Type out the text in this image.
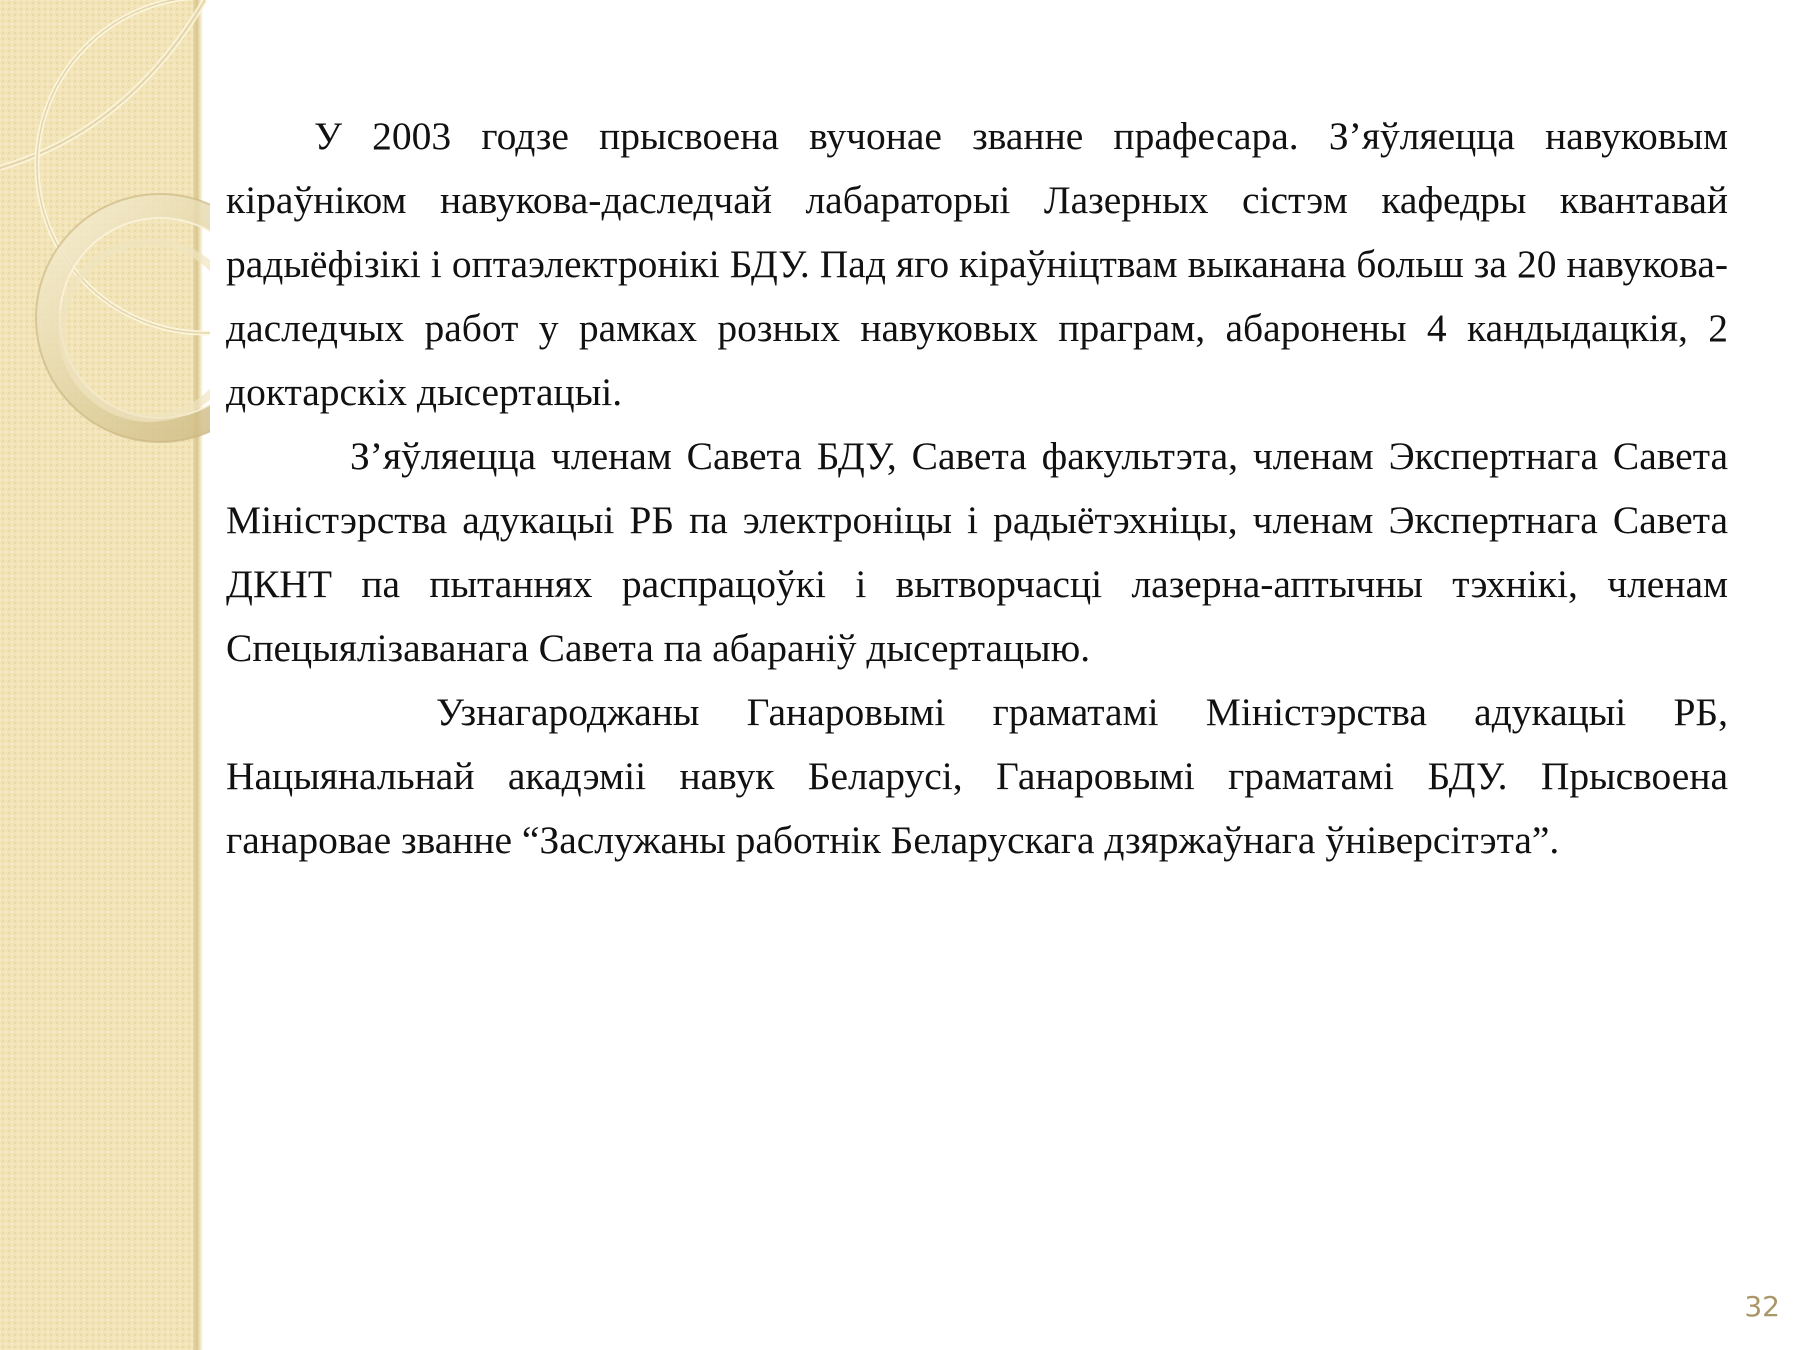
У 2003 годзе прысвоена вучонае званне прафесара. З’яўляецца навуковым кіраўніком навукова-даследчай лабараторыі Лазерных сістэм кафедры квантавай радыёфізікі і оптаэлектронікі БДУ. Пад яго кіраўніцтвам выканана больш за 20 навукова-даследчых работ у рамках розных навуковых праграм, абаронены 4 кандыдацкія, 2 доктарскіх дысертацыі.

З’яўляецца членам Савета БДУ, Савета факультэта, членам Экспертнага Савета Міністэрства адукацыі РБ па электроніцы і радыётэхніцы, членам Экспертнага Савета ДКНТ па пытаннях распрацоўкі і вытворчасці лазерна-аптычны тэхнікі, членам Спецыялізаванага Савета па абараніў дысертацыю.

Узнагароджаны Ганаровымі граматамі Міністэрства адукацыі РБ, Нацыянальнай акадэміі навук Беларусі, Ганаровымі граматамі БДУ. Прысвоена ганаровае званне “Заслужаны работнік Беларускага дзяржаўнага ўніверсітэта”.

32
